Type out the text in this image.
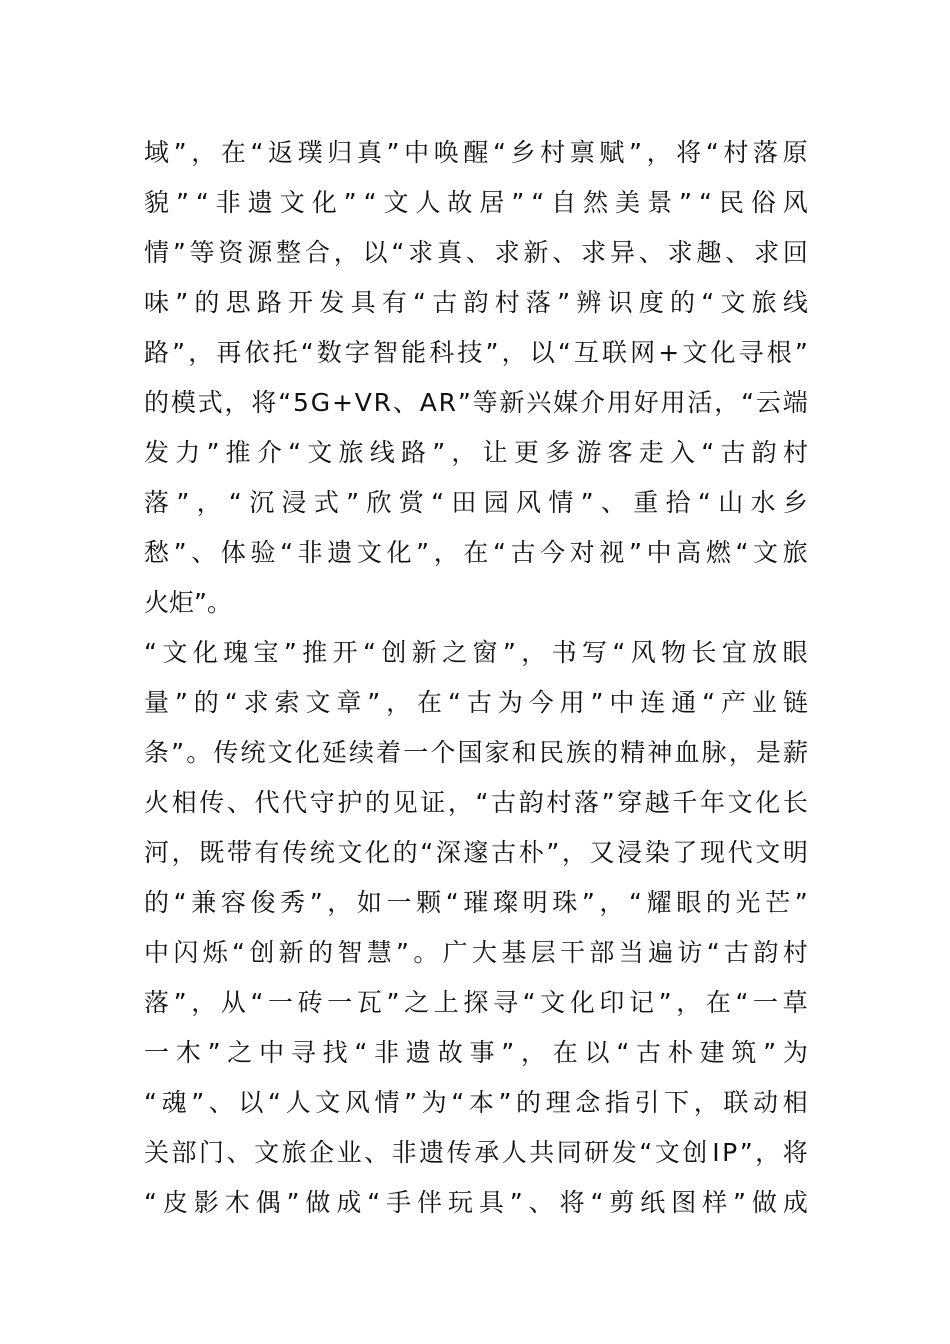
域 ” ， 在 “ 返 璞 归 真 ” 中 唤 醒 “ 乡 村 禀 赋 ” ， 将 “ 村 落 原
貌 ” “ 非 遗 文 化 ” “ 文 人 故 居 ” “ 自 然 美 景 ” “ 民 俗 风
情 ” 等 资 源 整 合 ， 以 “ 求 真 、 求 新 、 求 异 、 求 趣 、 求 回
味 ” 的 思 路 开 发 具 有 “ 古 韵 村 落 ” 辨 识 度 的 “ 文 旅 线
路 ” ， 再 依 托 “ 数 字 智 能 科 技 ” ， 以 “ 互 联 网 + 文 化 寻 根 ”
的 模 式 ， 将 “ 5 G + V R 、 A R ” 等 新 兴 媒 介 用 好 用 活 ， “ 云 端
发 力 ” 推 介 “ 文 旅 线 路 ” ， 让 更 多 游 客 走 入 “ 古 韵 村
落 ” ， “ 沉 浸 式 ” 欣 赏 “ 田 园 风 情 ” 、 重 拾 “ 山 水 乡
愁 ” 、 体 验 “ 非 遗 文 化 ” ， 在 “ 古 今 对 视 ” 中 高 燃 “ 文 旅
火炬”。
“ 文 化 瑰 宝 ” 推 开 “ 创 新 之 窗 ” ， 书 写 “ 风 物 长 宜 放 眼
量 ” 的 “ 求 索 文 章 ” ， 在 “ 古 为 今 用 ” 中 连 通 “ 产 业 链
条 ” 。 传 统 文 化 延 续 着 一 个 国 家 和 民 族 的 精 神 血 脉 ， 是 薪
火 相 传 、 代 代 守 护 的 见 证 ， “ 古 韵 村 落 ” 穿 越 千 年 文 化 长
河 ， 既 带 有 传 统 文 化 的 “ 深 邃 古 朴 ” ， 又 浸 染 了 现 代 文 明
的 “ 兼 容 俊 秀 ” ， 如 一 颗 “ 璀 璨 明 珠 ” ， “ 耀 眼 的 光 芒 ”
中 闪 烁 “ 创 新 的 智 慧 ” 。 广 大 基 层 干 部 当 遍 访 “ 古 韵 村
落 ” ， 从 “ 一 砖 一 瓦 ” 之 上 探 寻 “ 文 化 印 记 ” ， 在 “ 一 草
一 木 ” 之 中 寻 找 “ 非 遗 故 事 ” ， 在 以 “ 古 朴 建 筑 ” 为
“ 魂 ” 、 以 “ 人 文 风 情 ” 为 “ 本 ” 的 理 念 指 引 下 ， 联 动 相
关 部 门 、 文 旅 企 业 、 非 遗 传 承 人 共 同 研 发 “ 文 创 I P ” ， 将
“ 皮 影 木 偶 ” 做 成 “ 手 伴 玩 具 ” 、 将 “ 剪 纸 图 样 ” 做 成
